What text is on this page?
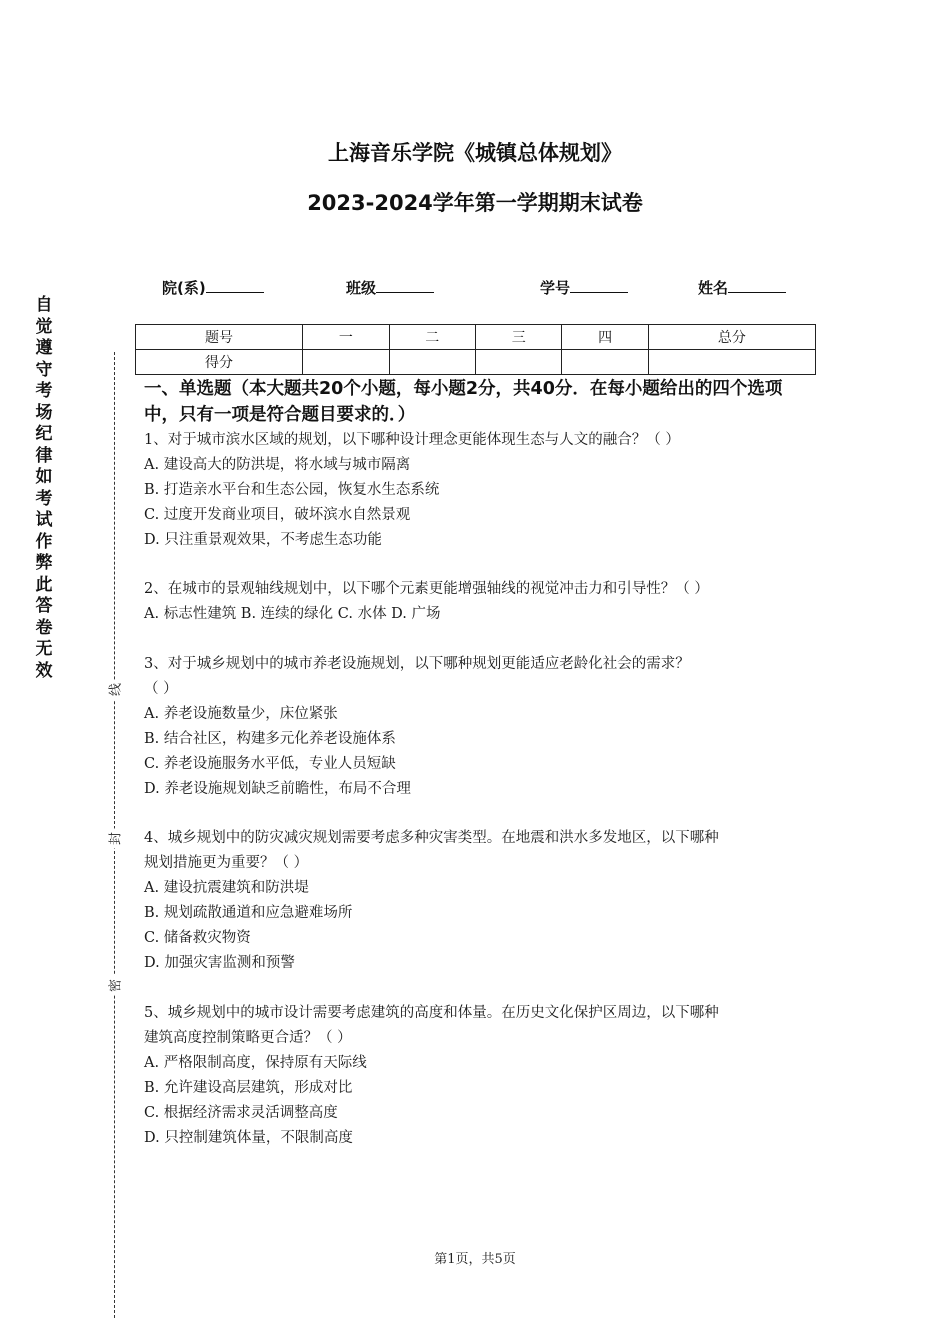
上海音乐学院《城镇总体规划》
2023-2024学年第一学期期末试卷
院(系)	班级	学号	姓名
题号	一	二	三	四	总分
得分					
自觉遵守考场纪律如考试作弊此答卷无效
线
封
密
一、单选题（本大题共20个小题，每小题2分，共40分．在每小题给出的四个选项中，只有一项是符合题目要求的．）
1、对于城市滨水区域的规划，以下哪种设计理念更能体现生态与人文的融合？（ ）
A. 建设高大的防洪堤，将水域与城市隔离
B. 打造亲水平台和生态公园，恢复水生态系统
C. 过度开发商业项目，破坏滨水自然景观
D. 只注重景观效果，不考虑生态功能
2、在城市的景观轴线规划中，以下哪个元素更能增强轴线的视觉冲击力和引导性？（ ）
A. 标志性建筑 B. 连续的绿化 C. 水体 D. 广场
3、对于城乡规划中的城市养老设施规划，以下哪种规划更能适应老龄化社会的需求？
（ ）
A. 养老设施数量少，床位紧张
B. 结合社区，构建多元化养老设施体系
C. 养老设施服务水平低，专业人员短缺
D. 养老设施规划缺乏前瞻性，布局不合理
4、城乡规划中的防灾减灾规划需要考虑多种灾害类型。在地震和洪水多发地区，以下哪种
规划措施更为重要？（ ）
A. 建设抗震建筑和防洪堤
B. 规划疏散通道和应急避难场所
C. 储备救灾物资
D. 加强灾害监测和预警
5、城乡规划中的城市设计需要考虑建筑的高度和体量。在历史文化保护区周边，以下哪种
建筑高度控制策略更合适？（ ）
A. 严格限制高度，保持原有天际线
B. 允许建设高层建筑，形成对比
C. 根据经济需求灵活调整高度
D. 只控制建筑体量，不限制高度
第1页，共5页
